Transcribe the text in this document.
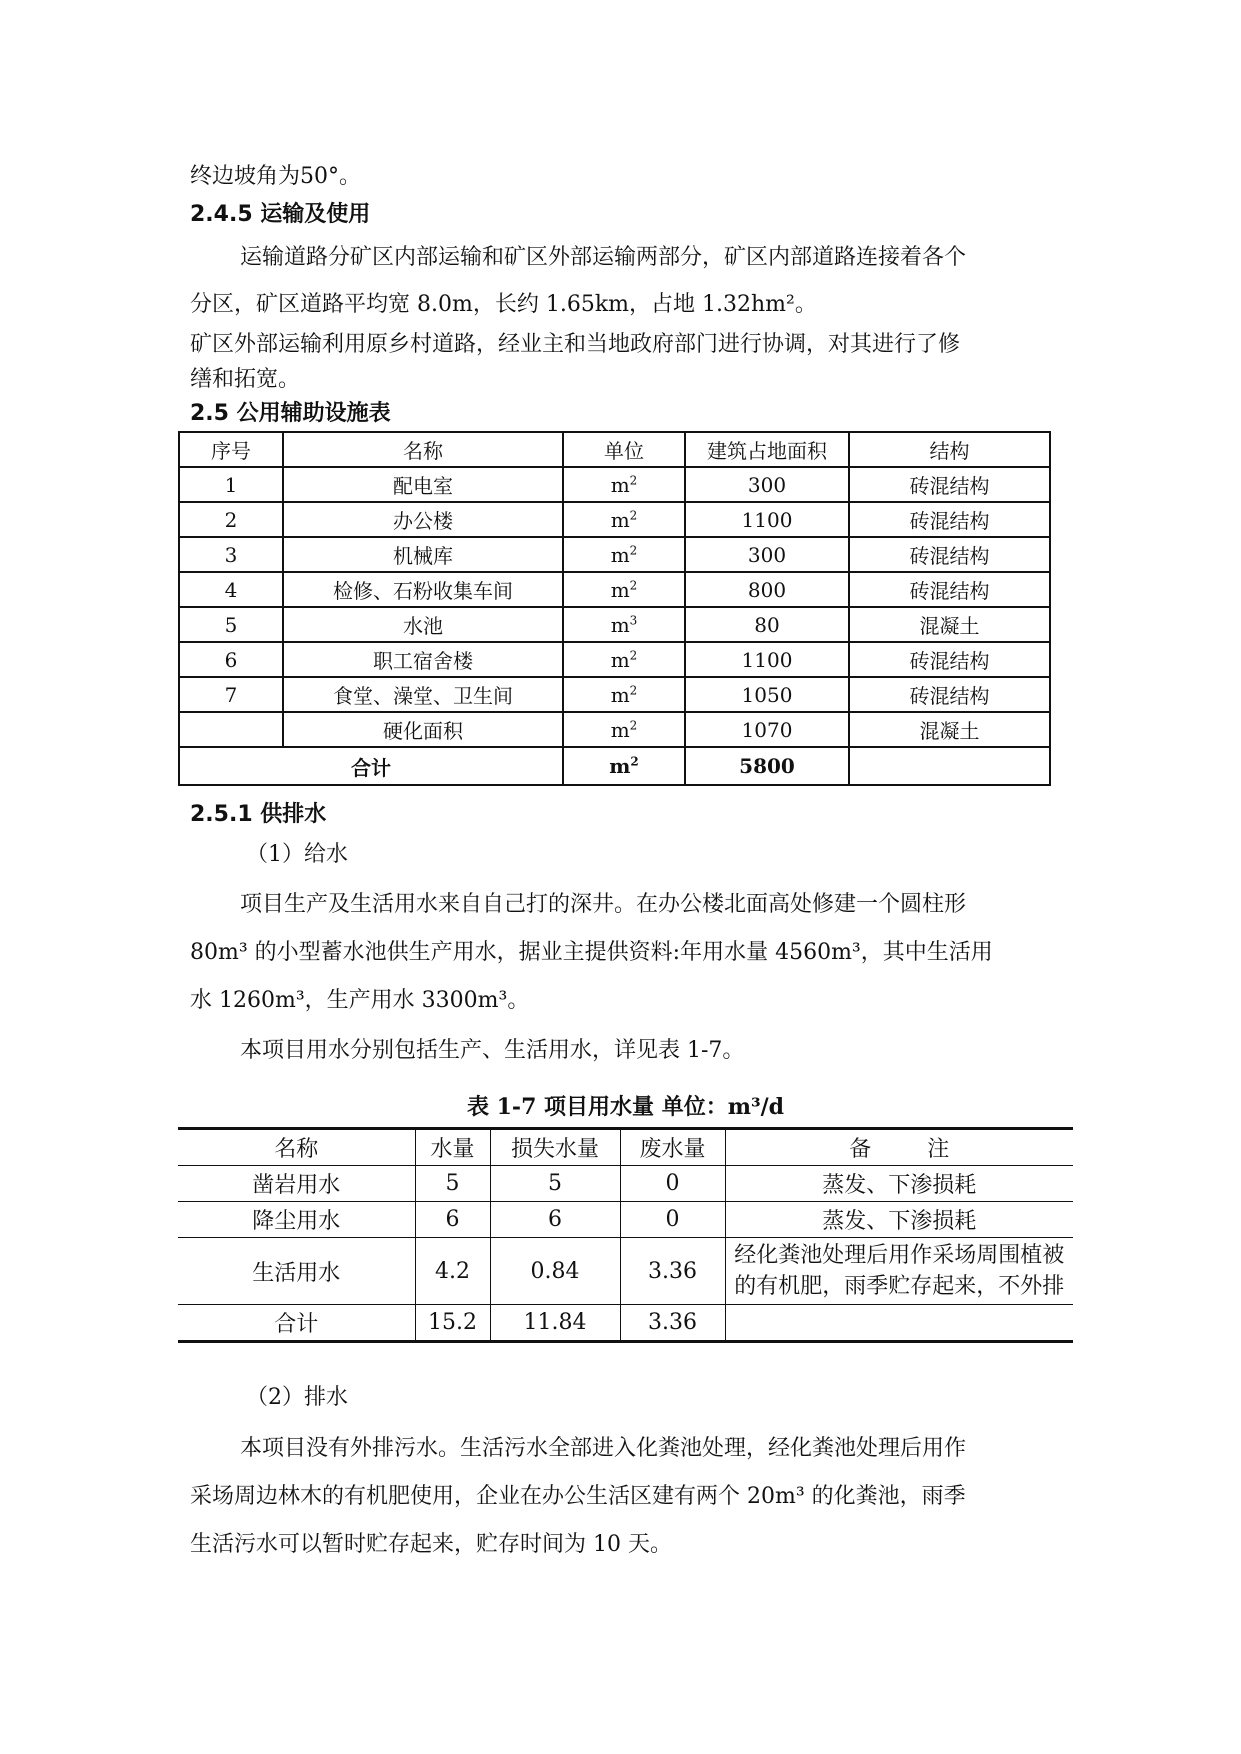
终边坡角为50°。
2.4.5 运输及使用
运输道路分矿区内部运输和矿区外部运输两部分，矿区内部道路连接着各个
分区，矿区道路平均宽 8.0m，长约 1.65km，占地 1.32hm²。
矿区外部运输利用原乡村道路，经业主和当地政府部门进行协调，对其进行了修
缮和拓宽。
2.5 公用辅助设施表
序号	名称	单位	建筑占地面积	结构
1	配电室	$m^2$	300	砖混结构
2	办公楼	$m^2$	1100	砖混结构
3	机械库	$m^2$	300	砖混结构
4	检修、石粉收集车间	$m^2$	800	砖混结构
5	水池	$m^3$	80	混凝土
6	职工宿舍楼	$m^2$	1100	砖混结构
7	食堂、澡堂、卫生间	$m^2$	1050	砖混结构
	硬化面积	$m^2$	1070	混凝土
合计		$m^2$	5800	
2.5.1 供排水
（1）给水
项目生产及生活用水来自自己打的深井。在办公楼北面高处修建一个圆柱形
80m³ 的小型蓄水池供生产用水，据业主提供资料:年用水量 4560m³，其中生活用
水 1260m³，生产用水 3300m³。
本项目用水分别包括生产、生活用水，详见表 1-7。
表 1-7 项目用水量 单位：m³/d
名称	水量	损失水量	废水量	备        注
凿岩用水	5	5	0	蒸发、下渗损耗
降尘用水	6	6	0	蒸发、下渗损耗
生活用水	4.2	0.84	3.36	经化粪池处理后用作采场周围植被的有机肥，雨季贮存起来，不外排
合计	15.2	11.84	3.36	
（2）排水
本项目没有外排污水。生活污水全部进入化粪池处理，经化粪池处理后用作
采场周边林木的有机肥使用，企业在办公生活区建有两个 20m³ 的化粪池，雨季
生活污水可以暂时贮存起来，贮存时间为 10 天。
